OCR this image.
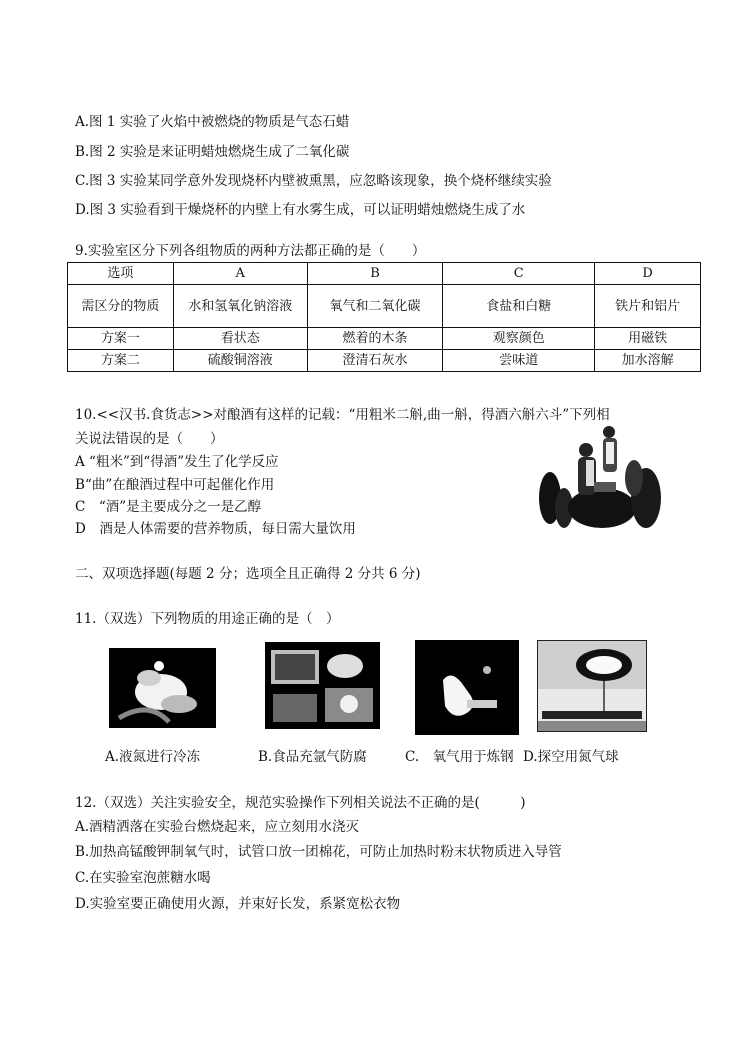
A.图 1 实验了火焰中被燃烧的物质是气态石蜡
B.图 2 实验是来证明蜡烛燃烧生成了二氧化碳
C.图 3 实验某同学意外发现烧杯内壁被熏黑，应忽略该现象，换个烧杯继续实验
D.图 3 实验看到干燥烧杯的内壁上有水雾生成，可以证明蜡烛燃烧生成了水
9.实验室区分下列各组物质的两种方法都正确的是（　　）
选项	A	B	C	D
需区分的物质	水和氢氧化钠溶液	氧气和二氧化碳	食盐和白糖	铁片和铝片
方案一	看状态	燃着的木条	观察颜色	用磁铁
方案二	硫酸铜溶液	澄清石灰水	尝味道	加水溶解
10.<<汉书.食货志>>对酿酒有这样的记载：“用粗米二斛,曲一斛，得酒六斛六斗”下列相
关说法错误的是（　　）
A “粗米”到“得酒”发生了化学反应
B“曲”在酿酒过程中可起催化作用
C　“酒”是主要成分之一是乙醇
D　酒是人体需要的营养物质，每日需大量饮用
二、双项选择题(每题 2 分；选项全且正确得 2 分共 6 分)
11.（双选）下列物质的用途正确的是（　）
A.液氮进行冷冻	B.食品充氩气防腐	C.　氧气用于炼钢 D.探空用氮气球
12.（双选）关注实验安全，规范实验操作下列相关说法不正确的是(　　　)
A.酒精洒落在实验台燃烧起来，应立刻用水浇灭
B.加热高锰酸钾制氧气时，试管口放一团棉花，可防止加热时粉末状物质进入导管
C.在实验室泡蔗糖水喝
D.实验室要正确使用火源，并束好长发，系紧宽松衣物
